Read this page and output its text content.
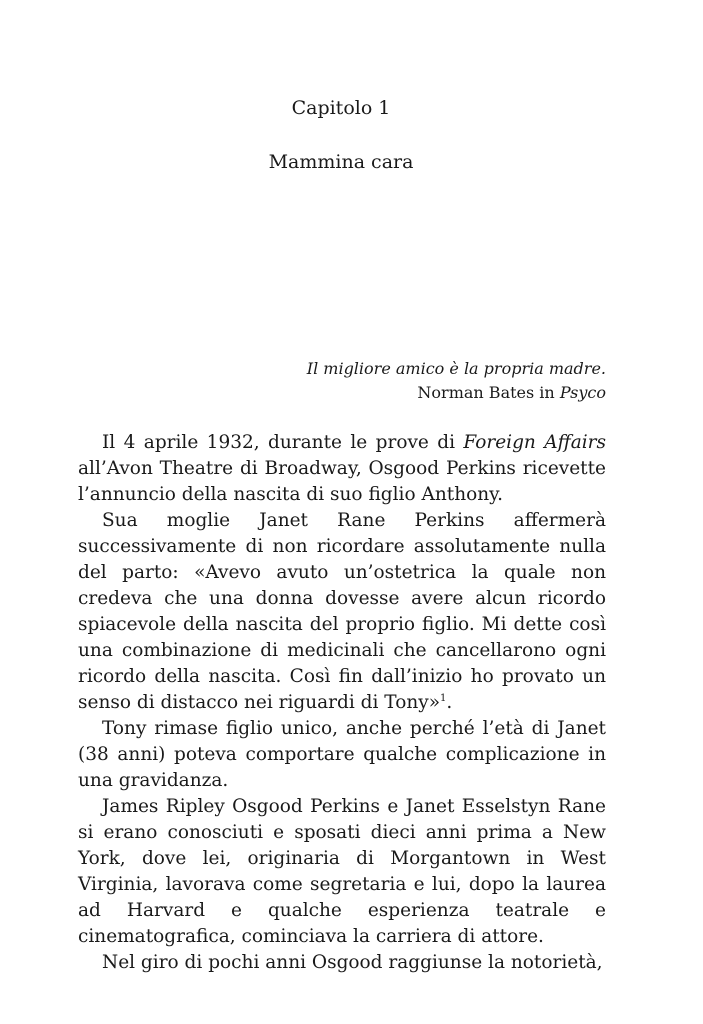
Capitolo 1
Mammina cara
Il migliore amico è la propria madre.
Norman Bates in Psyco

Il 4 aprile 1932, durante le prove di Foreign Affairs all’Avon Theatre di Broadway, Osgood Perkins ricevette l’annuncio della nascita di suo figlio Anthony.

Sua moglie Janet Rane Perkins affermerà successivamente di non ricordare assolutamente nulla del parto: «Avevo avuto un’ostetrica la quale non credeva che una donna dovesse avere alcun ricordo spiacevole della nascita del proprio figlio. Mi dette così una combinazione di medicinali che cancellarono ogni ricordo della nascita. Così fin dall’inizio ho provato un senso di distacco nei riguardi di Tony»$^1$.

Tony rimase figlio unico, anche perché l’età di Janet (38 anni) poteva comportare qualche complicazione in una gravidanza.

James Ripley Osgood Perkins e Janet Esselstyn Rane si erano conosciuti e sposati dieci anni prima a New York, dove lei, originaria di Morgantown in West Virginia, lavorava come segretaria e lui, dopo la laurea ad Harvard e qualche esperienza teatrale e cinematografica, cominciava la carriera di attore.

Nel giro di pochi anni Osgood raggiunse la notorietà,
